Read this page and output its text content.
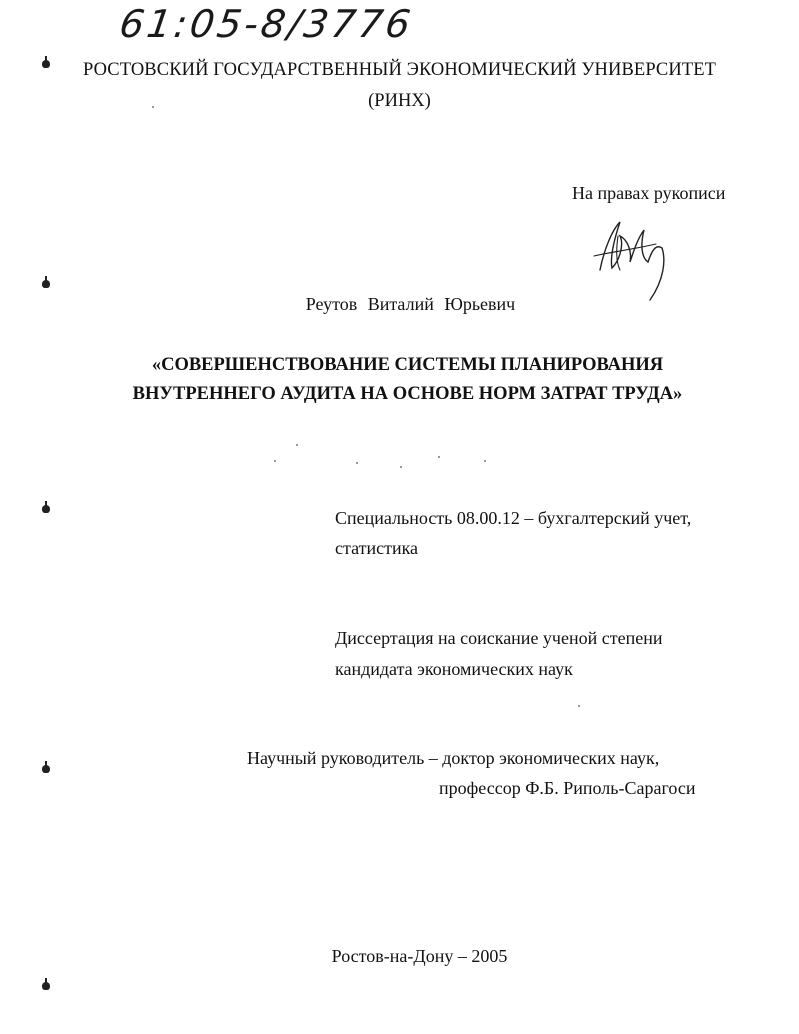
61:05-8/3776
РОСТОВСКИЙ ГОСУДАРСТВЕННЫЙ ЭКОНОМИЧЕСКИЙ УНИВЕРСИТЕТ
(РИНХ)
На правах рукописи
Реутов Виталий Юрьевич
«СОВЕРШЕНСТВОВАНИЕ СИСТЕМЫ ПЛАНИРОВАНИЯ
ВНУТРЕННЕГО АУДИТА НА ОСНОВЕ НОРМ ЗАТРАТ ТРУДА»
Специальность 08.00.12 – бухгалтерский учет,
статистика
Диссертация на соискание ученой степени
кандидата экономических наук
Научный руководитель – доктор экономических наук,
профессор Ф.Б. Риполь-Сарагоси
Ростов-на-Дону – 2005
